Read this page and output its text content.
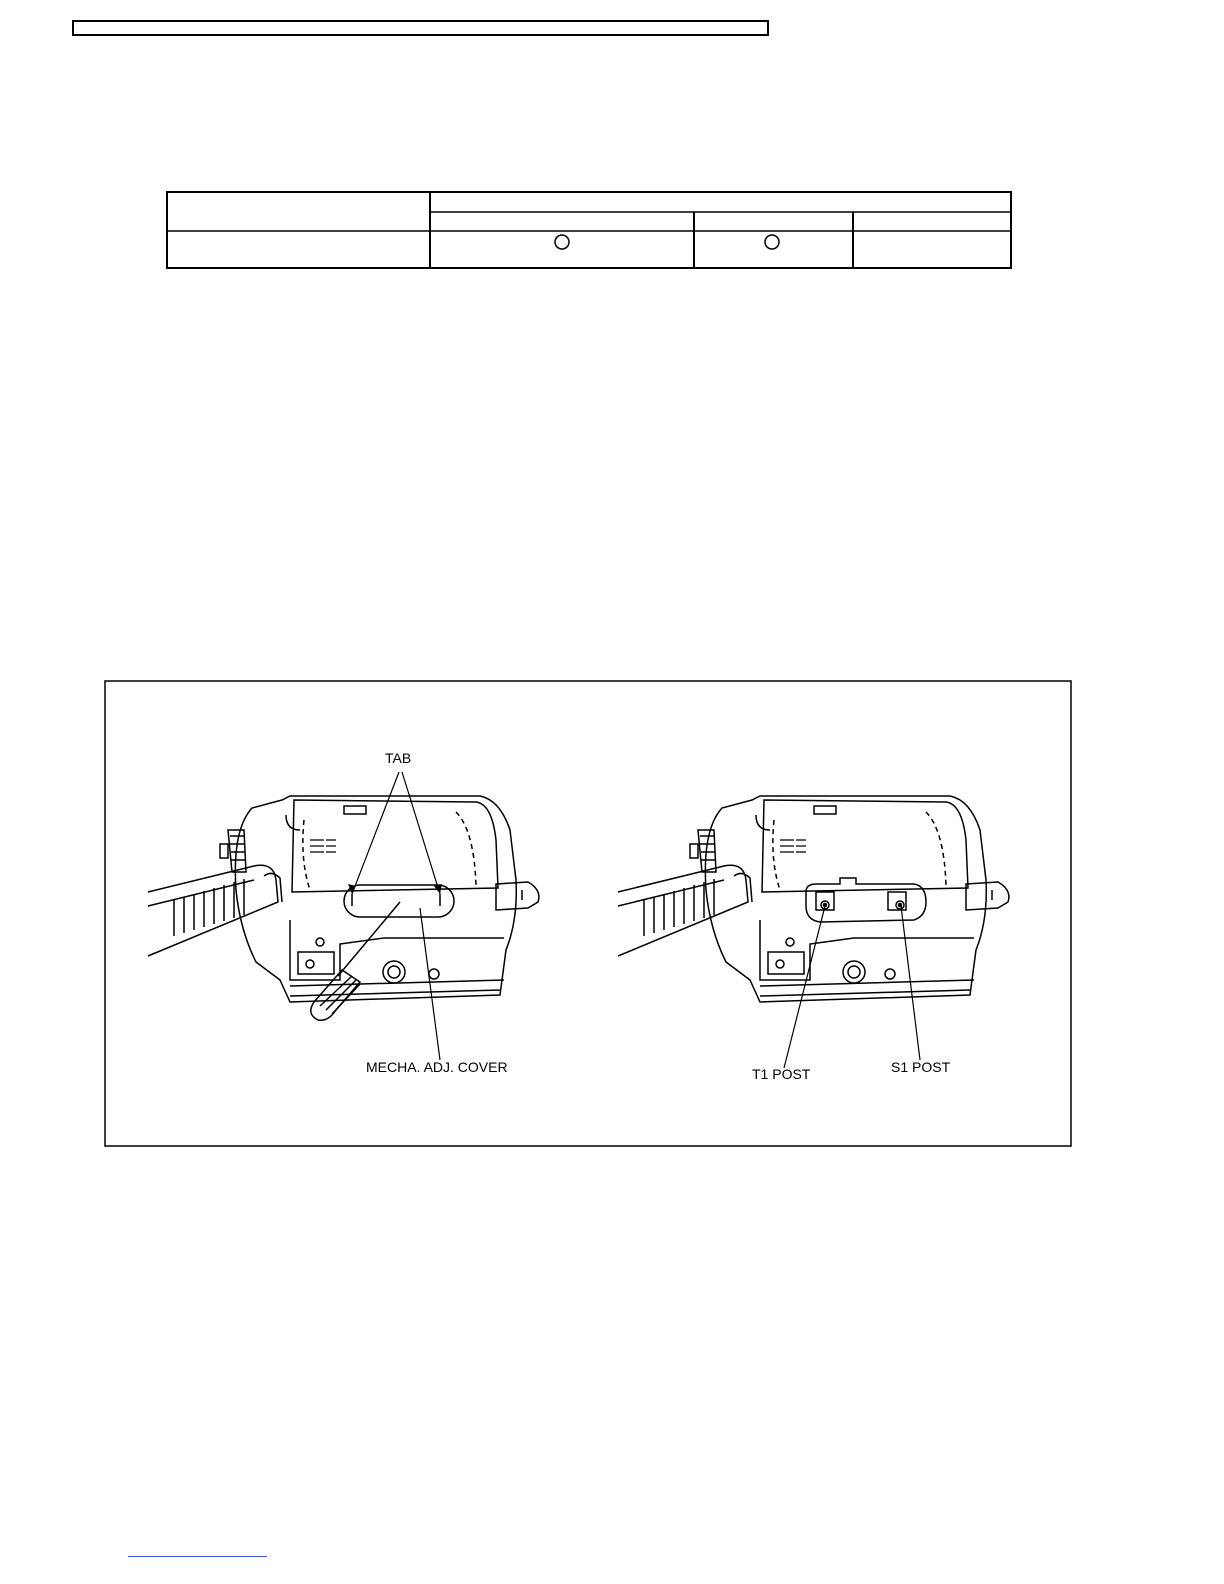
TAB
MECHA. ADJ. COVER	T1 POST	S1 POST
